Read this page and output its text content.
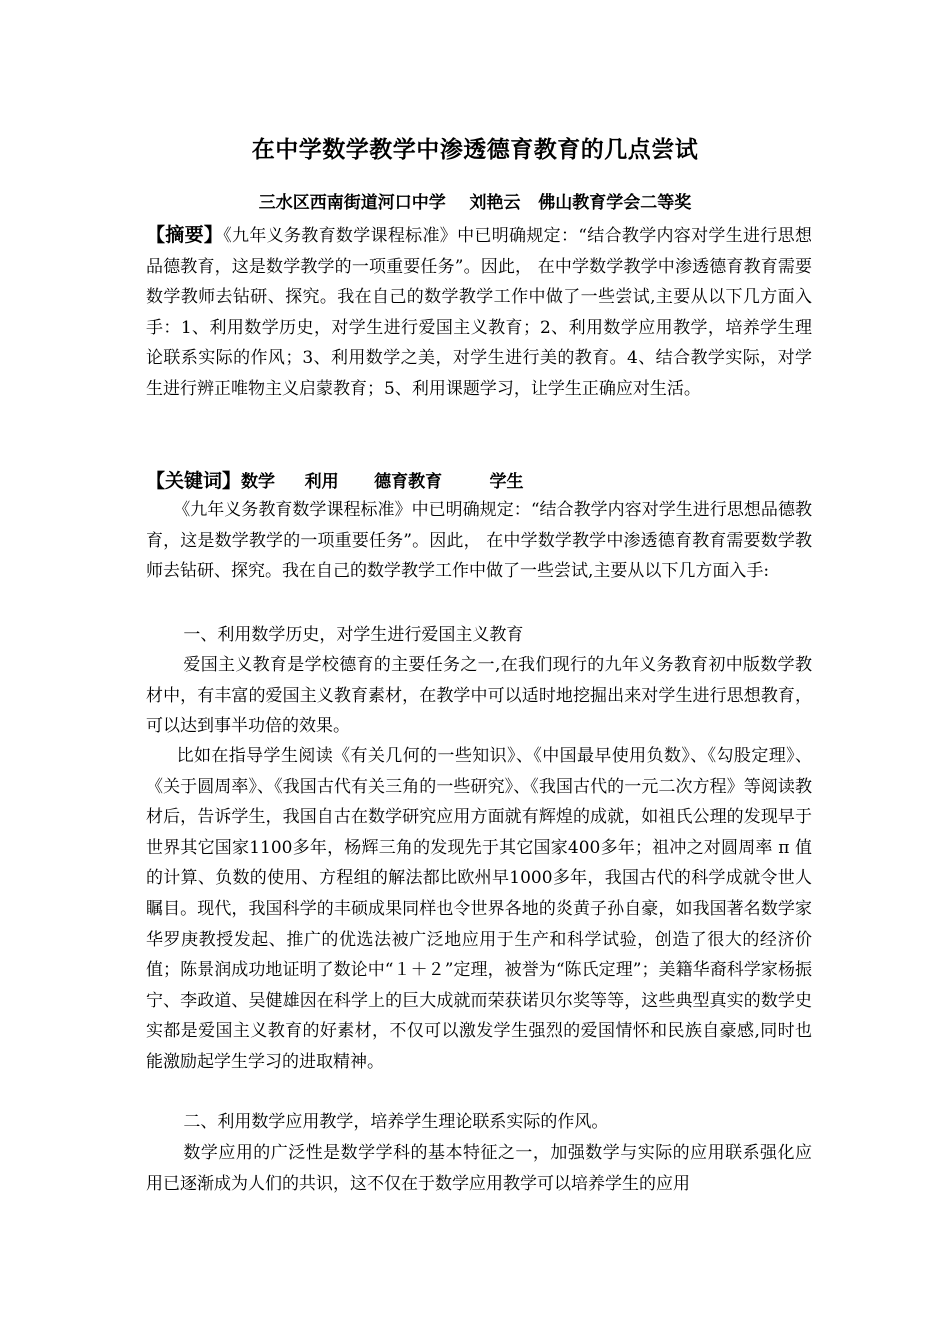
在中学数学教学中渗透德育教育的几点尝试
三水区西南街道河口中学    刘艳云   佛山教育学会二等奖

【摘要】《九年义务教育数学课程标准》中已明确规定：“结合教学内容对学生进行思想品德教育，这是数学教学的一项重要任务”。因此， 在中学数学教学中渗透德育教育需要数学教师去钻研、探究。我在自己的数学教学工作中做了一些尝试,主要从以下几方面入手：1、利用数学历史，对学生进行爱国主义教育；2、利用数学应用教学，培养学生理论联系实际的作风；3、利用数学之美，对学生进行美的教育。4、结合教学实际，对学生进行辨正唯物主义启蒙教育；5、利用课题学习，让学生正确应对生活。

【关键词】数学     利用      德育教育        学生

《九年义务教育数学课程标准》中已明确规定：“结合教学内容对学生进行思想品德教育，这是数学教学的一项重要任务”。因此， 在中学数学教学中渗透德育教育需要数学教师去钻研、探究。我在自己的数学教学工作中做了一些尝试,主要从以下几方面入手:

一、利用数学历史，对学生进行爱国主义教育

爱国主义教育是学校德育的主要任务之一,在我们现行的九年义务教育初中版数学教材中，有丰富的爱国主义教育素材，在教学中可以适时地挖掘出来对学生进行思想教育，可以达到事半功倍的效果。

比如在指导学生阅读《有关几何的一些知识》、《中国最早使用负数》、《勾股定理》、《关于圆周率》、《我国古代有关三角的一些研究》、《我国古代的一元二次方程》等阅读教材后，告诉学生，我国自古在数学研究应用方面就有辉煌的成就，如祖氏公理的发现早于世界其它国家1100多年，杨辉三角的发现先于其它国家400多年；祖冲之对圆周率 π 值的计算、负数的使用、方程组的解法都比欧州早1000多年，我国古代的科学成就令世人瞩目。现代，我国科学的丰硕成果同样也令世界各地的炎黄子孙自豪，如我国著名数学家华罗庚教授发起、推广的优选法被广泛地应用于生产和科学试验，创造了很大的经济价值；陈景润成功地证明了数论中“１＋２”定理，被誉为“陈氏定理”；美籍华裔科学家杨振宁、李政道、吴健雄因在科学上的巨大成就而荣获诺贝尔奖等等，这些典型真实的数学史实都是爱国主义教育的好素材，不仅可以激发学生强烈的爱国情怀和民族自豪感,同时也能激励起学生学习的进取精神。

二、利用数学应用教学，培养学生理论联系实际的作风。

数学应用的广泛性是数学学科的基本特征之一，加强数学与实际的应用联系强化应用已逐渐成为人们的共识，这不仅在于数学应用教学可以培养学生的应用
